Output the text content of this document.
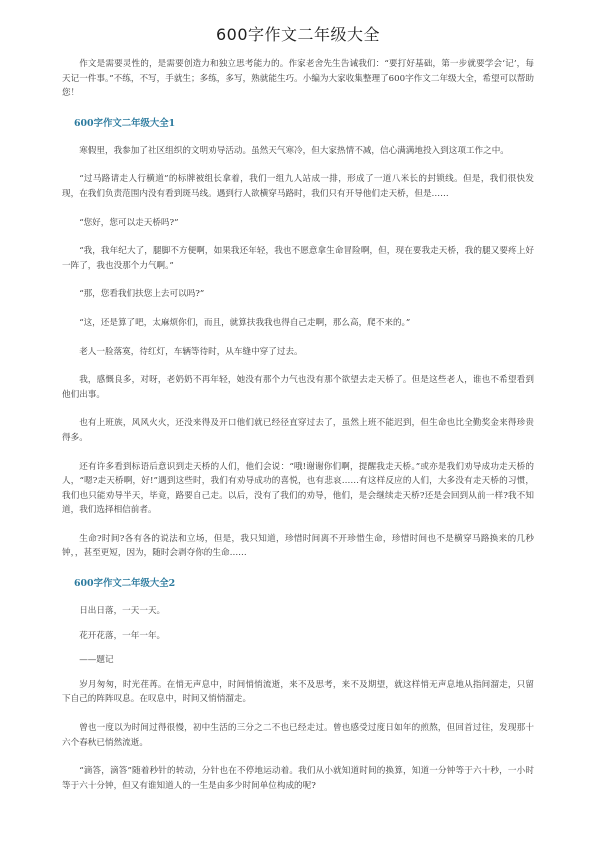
600字作文二年级大全

作文是需要灵性的，是需要创造力和独立思考能力的。作家老舍先生告诫我们：“要打好基础，第一步就要学会‘记’，每天记一件事。”不练，不写，手就生；多练，多写，熟就能生巧。小编为大家收集整理了600字作文二年级大全，希望可以帮助您！

600字作文二年级大全1

寒假里，我参加了社区组织的文明劝导活动。虽然天气寒冷，但大家热情不减，信心满满地投入到这项工作之中。

“过马路请走人行横道”的标牌被组长拿着，我们一组九人站成一排，形成了一道八米长的封锁线。但是，我们很快发现，在我们负责范围内没有看到斑马线。遇到行人欲横穿马路时，我们只有开导他们走天桥，但是……

“您好，您可以走天桥吗?”

“我，我年纪大了，腿脚不方便啊，如果我还年轻，我也不愿意拿生命冒险啊，但，现在要我走天桥，我的腿又要疼上好一阵了，我也没那个力气啊。”

“那，您看我们扶您上去可以吗?”

“这，还是算了吧，太麻烦你们，而且，就算扶我我也得自己走啊，那么高，爬不来的。”

老人一脸落寞，待红灯，车辆等待时，从车缝中穿了过去。

我，感慨良多，对呀，老奶奶不再年轻，她没有那个力气也没有那个欲望去走天桥了。但是这些老人，谁也不希望看到他们出事。

也有上班族，风风火火，还没来得及开口他们就已经径直穿过去了，虽然上班不能迟到，但生命也比全勤奖金来得珍贵得多。

还有许多看到标语后意识到走天桥的人们，他们会说：“哦!谢谢你们啊，提醒我走天桥。”或亦是我们劝导成功走天桥的人，“嗯?走天桥啊，好!”遇到这些时，我们有劝导成功的喜悦，也有悲哀……有这样反应的人们，大多没有走天桥的习惯，我们也只能劝导半天，毕竟，路要自己走。以后，没有了我们的劝导，他们，是会继续走天桥?还是会回到从前一样?我不知道，我们选择相信前者。

生命?时间?各有各的说法和立场，但是，我只知道，珍惜时间离不开珍惜生命，珍惜时间也不是横穿马路换来的几秒钟，，甚至更短，因为，随时会剥夺你的生命……

600字作文二年级大全2

日出日落，一天一天。

花开花落，一年一年。

——题记

岁月匆匆，时光荏苒。在悄无声息中，时间悄悄流逝，来不及思考，来不及期望，就这样悄无声息地从指间溜走，只留下自己的阵阵叹息。在叹息中，时间又悄悄溜走。

曾也一度以为时间过得很慢，初中生活的三分之二不也已经走过。曾也感受过度日如年的煎熬，但回首过往，发现那十六个春秋已悄然流逝。

“滴答，滴答”随着秒针的转动，分针也在不停地运动着。我们从小就知道时间的换算，知道一分钟等于六十秒，一小时等于六十分钟，但又有谁知道人的一生是由多少时间单位构成的呢?
